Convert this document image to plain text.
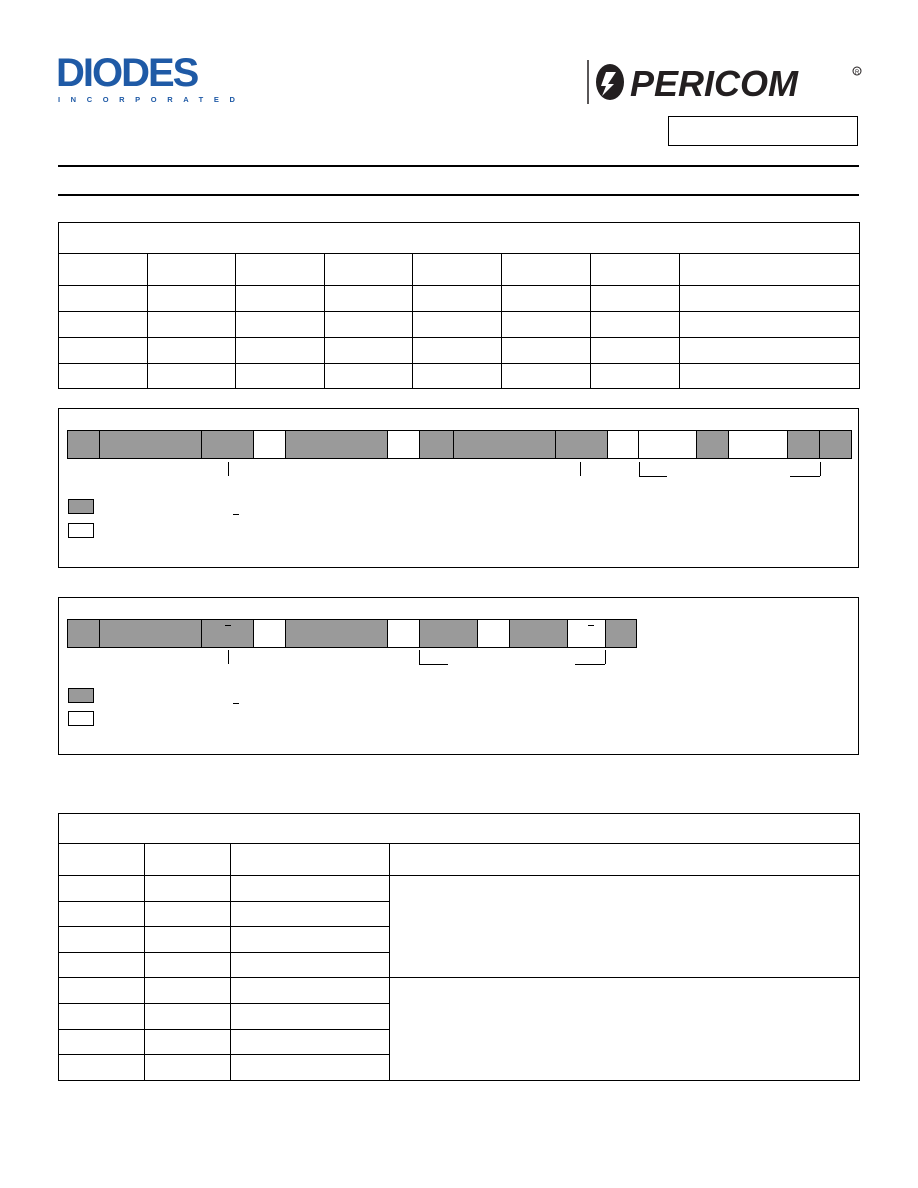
DIODES
INCORPORATED	PERICOM	R
